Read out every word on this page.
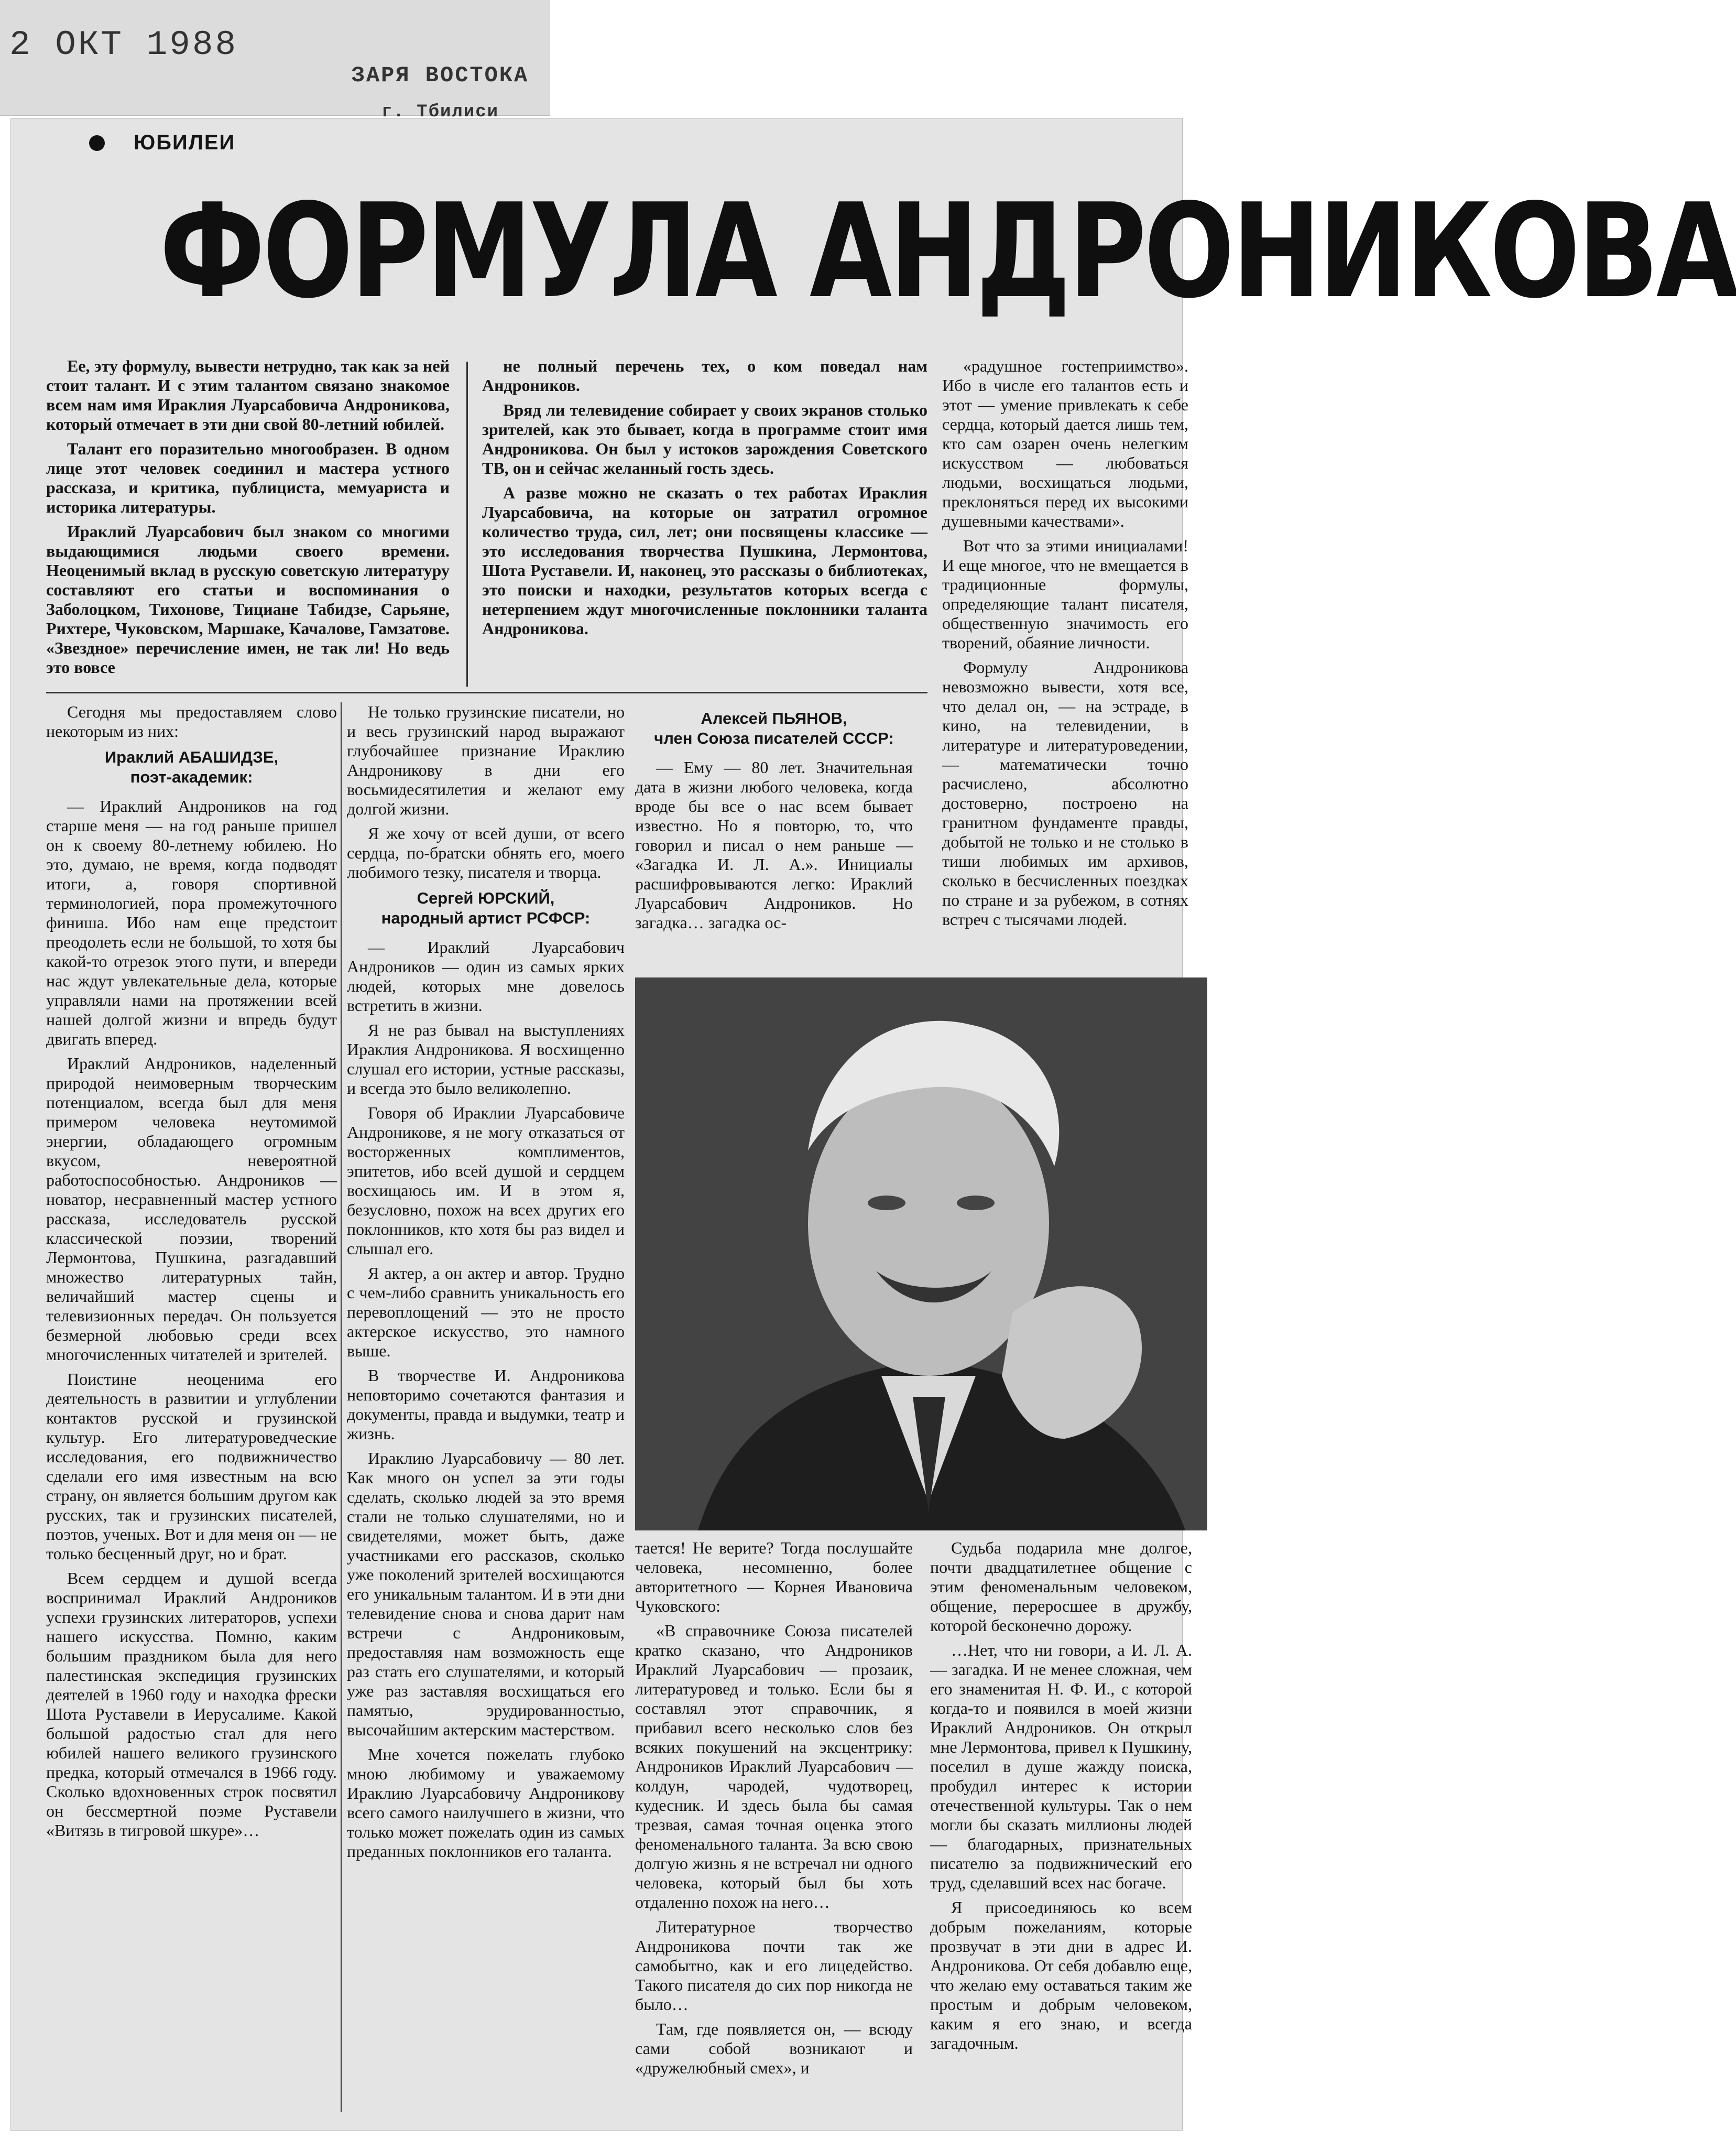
2 ОКТ 1988
ЗАРЯ ВОСТОКА
г. Тбилиси
ЮБИЛЕИ
ФОРМУЛА АНДРОНИКОВА

Ее, эту формулу, вывести нетрудно, так как за ней стоит талант. И с этим талантом связано знакомое всем нам имя Ираклия Луарсабовича Андроникова, который отмечает в эти дни свой 80-летний юбилей.

Талант его поразительно многообразен. В одном лице этот человек соединил и мастера устного рассказа, и критика, публициста, мемуариста и историка литературы.

Ираклий Луарсабович был знаком со многими выдающимися людьми своего времени. Неоценимый вклад в русскую советскую литературу составляют его статьи и воспоминания о Заболоцком, Тихонове, Тициане Табидзе, Сарьяне, Рихтере, Чуковском, Маршаке, Качалове, Гамзатове. «Звездное» перечисление имен, не так ли! Но ведь это вовсе

не полный перечень тех, о ком поведал нам Андроников.

Вряд ли телевидение собирает у своих экранов столько зрителей, как это бывает, когда в программе стоит имя Андроникова. Он был у истоков зарождения Советского ТВ, он и сейчас желанный гость здесь.

А разве можно не сказать о тех работах Ираклия Луарсабовича, на которые он затратил огромное количество труда, сил, лет; они посвящены классике — это исследования творчества Пушкина, Лермонтова, Шота Руставели. И, наконец, это рассказы о библиотеках, это поиски и находки, результатов которых всегда с нетерпением ждут многочисленные поклонники таланта Андроникова.

Сегодня мы предоставляем слово некоторым из них:

Ираклий АБАШИДЗЕ,
поэт-академик:

— Ираклий Андроников на год старше меня — на год раньше пришел он к своему 80-летнему юбилею. Но это, думаю, не время, когда подводят итоги, а, говоря спортивной терминологией, пора промежуточного финиша. Ибо нам еще предстоит преодолеть если не большой, то хотя бы какой-то отрезок этого пути, и впереди нас ждут увлекательные дела, которые управляли нами на протяжении всей нашей долгой жизни и впредь будут двигать вперед.

Ираклий Андроников, наделенный природой неимоверным творческим потенциалом, всегда был для меня примером человека неутомимой энергии, обладающего огромным вкусом, невероятной работоспособностью. Андроников — новатор, несравненный мастер устного рассказа, исследователь русской классической поэзии, творений Лермонтова, Пушкина, разгадавший множество литературных тайн, величайший мастер сцены и телевизионных передач. Он пользуется безмерной любовью среди всех многочисленных читателей и зрителей.

Поистине неоценима его деятельность в развитии и углублении контактов русской и грузинской культур. Его литературоведческие исследования, его подвижничество сделали его имя известным на всю страну, он является большим другом как русских, так и грузинских писателей, поэтов, ученых. Вот и для меня он — не только бесценный друг, но и брат.

Всем сердцем и душой всегда воспринимал Ираклий Андроников успехи грузинских литераторов, успехи нашего искусства. Помню, каким большим праздником была для него палестинская экспедиция грузинских деятелей в 1960 году и находка фрески Шота Руставели в Иерусалиме. Какой большой радостью стал для него юбилей нашего великого грузинского предка, который отмечался в 1966 году. Сколько вдохновенных строк посвятил он бессмертной поэме Руставели «Витязь в тигровой шкуре»…

Не только грузинские писатели, но и весь грузинский народ выражают глубочайшее признание Ираклию Андроникову в дни его восьмидесятилетия и желают ему долгой жизни.

Я же хочу от всей души, от всего сердца, по-братски обнять его, моего любимого тезку, писателя и творца.

Сергей ЮРСКИЙ,
народный артист РСФСР:

— Ираклий Луарсабович Андроников — один из самых ярких людей, которых мне довелось встретить в жизни.

Я не раз бывал на выступлениях Ираклия Андроникова. Я восхищенно слушал его истории, устные рассказы, и всегда это было великолепно.

Говоря об Ираклии Луарсабовиче Андроникове, я не могу отказаться от восторженных комплиментов, эпитетов, ибо всей душой и сердцем восхищаюсь им. И в этом я, безусловно, похож на всех других его поклонников, кто хотя бы раз видел и слышал его.

Я актер, а он актер и автор. Трудно с чем-либо сравнить уникальность его перевоплощений — это не просто актерское искусство, это намного выше.

В творчестве И. Андроникова неповторимо сочетаются фантазия и документы, правда и выдумки, театр и жизнь.

Ираклию Луарсабовичу — 80 лет. Как много он успел за эти годы сделать, сколько людей за это время стали не только слушателями, но и свидетелями, может быть, даже участниками его рассказов, сколько уже поколений зрителей восхищаются его уникальным талантом. И в эти дни телевидение снова и снова дарит нам встречи с Андрониковым, предоставляя нам возможность еще раз стать его слушателями, и который уже раз заставляя восхищаться его памятью, эрудированностью, высочайшим актерским мастерством.

Мне хочется пожелать глубоко мною любимому и уважаемому Ираклию Луарсабовичу Андроникову всего самого наилучшего в жизни, что только может пожелать один из самых преданных поклонников его таланта.

Алексей ПЬЯНОВ,
член Союза писателей СССР:

— Ему — 80 лет. Значительная дата в жизни любого человека, когда вроде бы все о нас всем бывает известно. Но я повторю, то, что говорил и писал о нем раньше — «Загадка И. Л. А.». Инициалы расшифровываются легко: Ираклий Луарсабович Андроников. Но загадка… загадка ос-

«радушное гостеприимство». Ибо в числе его талантов есть и этот — умение привлекать к себе сердца, который дается лишь тем, кто сам озарен очень нелегким искусством — любоваться людьми, восхищаться людьми, преклоняться перед их высокими душевными качествами».

Вот что за этими инициалами! И еще многое, что не вмещается в традиционные формулы, определяющие талант писателя, общественную значимость его творений, обаяние личности.

Формулу Андроникова невозможно вывести, хотя все, что делал он, — на эстраде, в кино, на телевидении, в литературе и литературоведении, — математически точно расчислено, абсолютно достоверно, построено на гранитном фундаменте правды, добытой не только и не столько в тиши любимых им архивов, сколько в бесчисленных поездках по стране и за рубежом, в сотнях встреч с тысячами людей.

тается! Не верите? Тогда послушайте человека, несомненно, более авторитетного — Корнея Ивановича Чуковского:

«В справочнике Союза писателей кратко сказано, что Андроников Ираклий Луарсабович — прозаик, литературовед и только. Если бы я составлял этот справочник, я прибавил всего несколько слов без всяких покушений на эксцентрику: Андроников Ираклий Луарсабович — колдун, чародей, чудотворец, кудесник. И здесь была бы самая трезвая, самая точная оценка этого феноменального таланта. За всю свою долгую жизнь я не встречал ни одного человека, который был бы хоть отдаленно похож на него…

Литературное творчество Андроникова почти так же самобытно, как и его лицедейство. Такого писателя до сих пор никогда не было…

Там, где появляется он, — всюду сами собой возникают и «дружелюбный смех», и

Судьба подарила мне долгое, почти двадцатилетнее общение с этим феноменальным человеком, общение, переросшее в дружбу, которой бесконечно дорожу.

…Нет, что ни говори, а И. Л. А. — загадка. И не менее сложная, чем его знаменитая Н. Ф. И., с которой когда-то и появился в моей жизни Ираклий Андроников. Он открыл мне Лермонтова, привел к Пушкину, поселил в душе жажду поиска, пробудил интерес к истории отечественной культуры. Так о нем могли бы сказать миллионы людей — благодарных, признательных писателю за подвижнический его труд, сделавший всех нас богаче.

Я присоединяюсь ко всем добрым пожеланиям, которые прозвучат в эти дни в адрес И. Андроникова. От себя добавлю еще, что желаю ему оставаться таким же простым и добрым человеком, каким я его знаю, и всегда загадочным.
